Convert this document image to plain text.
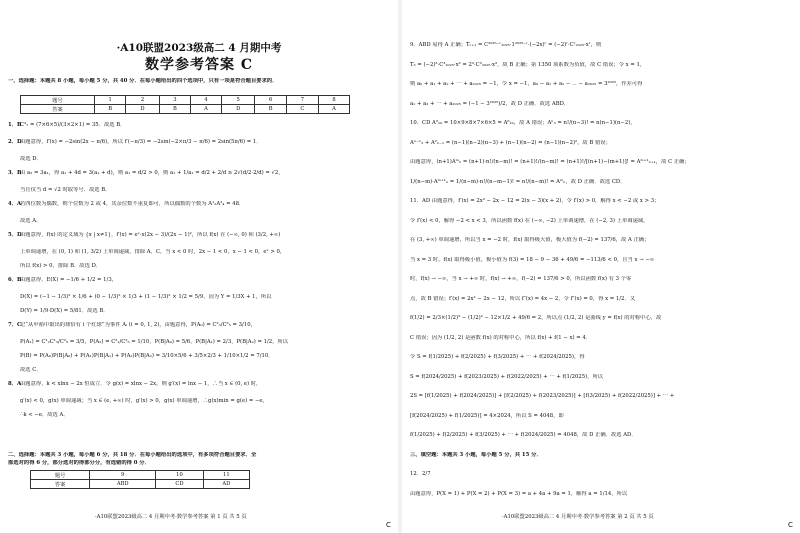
·A10联盟2023级高二 4 月期中考
数学参考答案 C
一、选择题：本题共 8 小题，每小题 5 分，共 40 分．在每小题给出的四个选项中，只有一项是符合题目要求的．
题号	1	2	3	4	5	6	7	8
答案	B	D	B	A	D	B	C	A
1．BC³₇ = (7×6×5)/(3×2×1) = 35．故选 B．
2．D由题意得，f′(x) = −2sin(2x − π/6)，所以 f′(−π/3) = −2sin(−2×π/3 − π/6) = 2sin(5π/6) = 1．
故选 D．
3．B由 a₃ = 3a₁，得 a₁ + 4d = 3(a₁ + d)，则 a₁ = d/2 > 0，则 a₁ + 1/a₁ = d/2 + 2/d ≥ 2√(d/2·2/d) = √2，
当且仅当 d = √2 时取等号．故选 B．
4．A若四位数为偶数，则个位数为 2 或 4，其余位数不重复即可，所以偶数的个数为 A¹₂A³₄ = 48．
故选 A．
5．D由题意得，f(x) 的定义域为 {x | x≠1}，f′(x) = eˣ·x(2x − 3)/(2x − 1)²，所以 f(x) 在 (−∞, 0) 和 (3/2, +∞)
上单调递增，在 (0, 1) 和 (1, 3/2) 上单调递减，排除 A、C，当 x < 0 时，2x − 1 < 0，x − 1 < 0，eˣ > 0，
所以 f(x) > 0，排除 B．故选 D．
6．B由题意得，E(X) = −1/6 + 1/2 = 1/3，
D(X) = (−1 − 1/3)² × 1/6 + (0 − 1/3)² × 1/3 + (1 − 1/3)² × 1/2 = 5/9，因为 Y = 1/3X + 1，所以
D(Y) = 1/9·D(X) = 5/81．故选 B．
7．C记“从甲箱中取出的球恰有 i 个红球”为事件 Aᵢ (i = 0, 1, 2)，由题意得，P(A₀) = C²₃/C²₅ = 3/10，
P(A₁) = C¹₂C¹₃/C²₅ = 3/5，P(A₂) = C²₂/C²₅ = 1/10，P(B|A₀) = 5/6，P(B|A₁) = 2/3，P(B|A₂) = 1/2，所以
P(B) = P(A₀)P(B|A₀) + P(A₁)P(B|A₁) + P(A₂)P(B|A₂) = 3/10×5/6 + 3/5×2/3 + 1/10×1/2 = 7/10．
故选 C．
8．A由题意得，k < xlnx − 2x 恒成立．令 g(x) = xlnx − 2x，则 g′(x) = lnx − 1，∴当 x ∈ (0, e) 时，
g′(x) < 0，g(x) 单调递减；当 x ∈ (e, +∞) 时，g′(x) > 0，g(x) 单调递增，∴g(x)min = g(e) = −e，
∴k < −e．故选 A．
二、选择题：本题共 3 小题，每小题 6 分，共 18 分．在每小题给出的选项中，有多项符合题目要求．全
部选对的得 6 分，部分选对的得部分分，有选错的得 0 分．
题号	9	10	11
答案	ABD	CD	AD
·A10联盟2023级高二 4 月期中考·数学参考答案 第 1 页 共 5 页
C
9．ABD 易得 A 正确；Tᵣ₊₁ = C²⁰²⁵⁻ʳ₂₀₂₅·1²⁰²⁵⁻ʳ·(−2x)ʳ = (−2)ʳ·Cʳ₂₀₂₅·xʳ，则
T₃ = (−2)³·C³₂₀₂₅·x³ = 2³·C³₂₀₂₅·x³，故 B 正确；第 1350 项系数为负值，故 C 错误；令 x = 1，
则 a₀ + a₁ + a₂ + ⋯ + a₂₀₂₅ = −1，令 x = −1，a₀ − a₁ + a₂ − ⋯ − a₂₀₂₅ = 3²⁰²⁵，作差可得
a₁ + a₃ + ⋯ + a₂₀₂₅ = (−1 − 3²⁰²⁵)/2，故 D 正确．故选 ABD．
10．CD A³₁₀ = 10×9×8×7×6×5 = A⁶₁₀，故 A 错误；Aⁿ₃ = n!/(n−3)! = n(n−1)(n−2)，
Aⁿ⁻¹₃ + A²ₙ₋₁ = (n−1)(n−2)(n−3) + (n−1)(n−2) = (n−1)(n−2)²，故 B 错误；
由题意得，(n+1)Aᵐₙ = (n+1)·n!/(n−m)! = (n+1)!/(n−m)! = (n+1)!/[(n+1)−(m+1)]! = Aᵐ⁺¹ₙ₊₁，故 C 正确；
1/(n−m)·Aᵐ⁺¹ₙ = 1/(n−m)·n!/(n−m−1)! = n!/(n−m)! = Aᵐₙ，故 D 正确．故选 CD．
11．AD 由题意得，f′(x) = 2x² − 2x − 12 = 2(x − 3)(x + 2)，令 f′(x) > 0，解得 x < −2 或 x > 3；
令 f′(x) < 0，解得 −2 < x < 3，所以函数 f(x) 在 (−∞, −2) 上单调递增，在 (−2, 3) 上单调递减，
在 (3, +∞) 单调递增，所以当 x = −2 时，f(x) 取得极大值，极大值为 f(−2) = 137/6，故 A 正确；
当 x = 3 时，f(x) 取得极小值，极小值为 f(3) = 18 − 9 − 36 + 49/6 = −113/6 < 0，且当 x → −∞
时，f(x) → −∞，当 x → +∞ 时，f(x) → +∞，f(−2) = 137/6 > 0，所以函数 f(x) 有 3 个零
点，故 B 错误；f′(x) = 2x² − 2x − 12，所以 f″(x) = 4x − 2，令 f″(x) = 0，得 x = 1/2．又
f(1/2) = 2/3×(1/2)³ − (1/2)² − 12×1/2 + 49/6 = 2，所以点 (1/2, 2) 是曲线 y = f(x) 的对称中心，故
C 错误；因为 (1/2, 2) 是函数 f(x) 的对称中心，所以 f(x) + f(1 − x) = 4．
令 S = f(1/2025) + f(2/2025) + f(3/2025) + ⋯ + f(2024/2025)，得
S = f(2024/2025) + f(2023/2025) + f(2022/2025) + ⋯ + f(1/2025)，所以
2S = [f(1/2025) + f(2024/2025)] + [f(2/2025) + f(2023/2025)] + [f(3/2025) + f(2022/2025)] + ⋯ +
[f(2024/2025) + f(1/2025)] = 4×2024，所以 S = 4048，即
f(1/2025) + f(2/2025) + f(3/2025) + ⋯ + f(2024/2025) = 4048，故 D 正确．故选 AD．
三、填空题：本题共 3 小题，每小题 5 分，共 15 分．
12．2/7
由题意得，P(X = 1) + P(X = 2) + P(X = 3) = a + 4a + 9a = 1，解得 a = 1/14，所以
·A10联盟2023级高二 4 月期中考·数学参考答案 第 2 页 共 5 页
C
